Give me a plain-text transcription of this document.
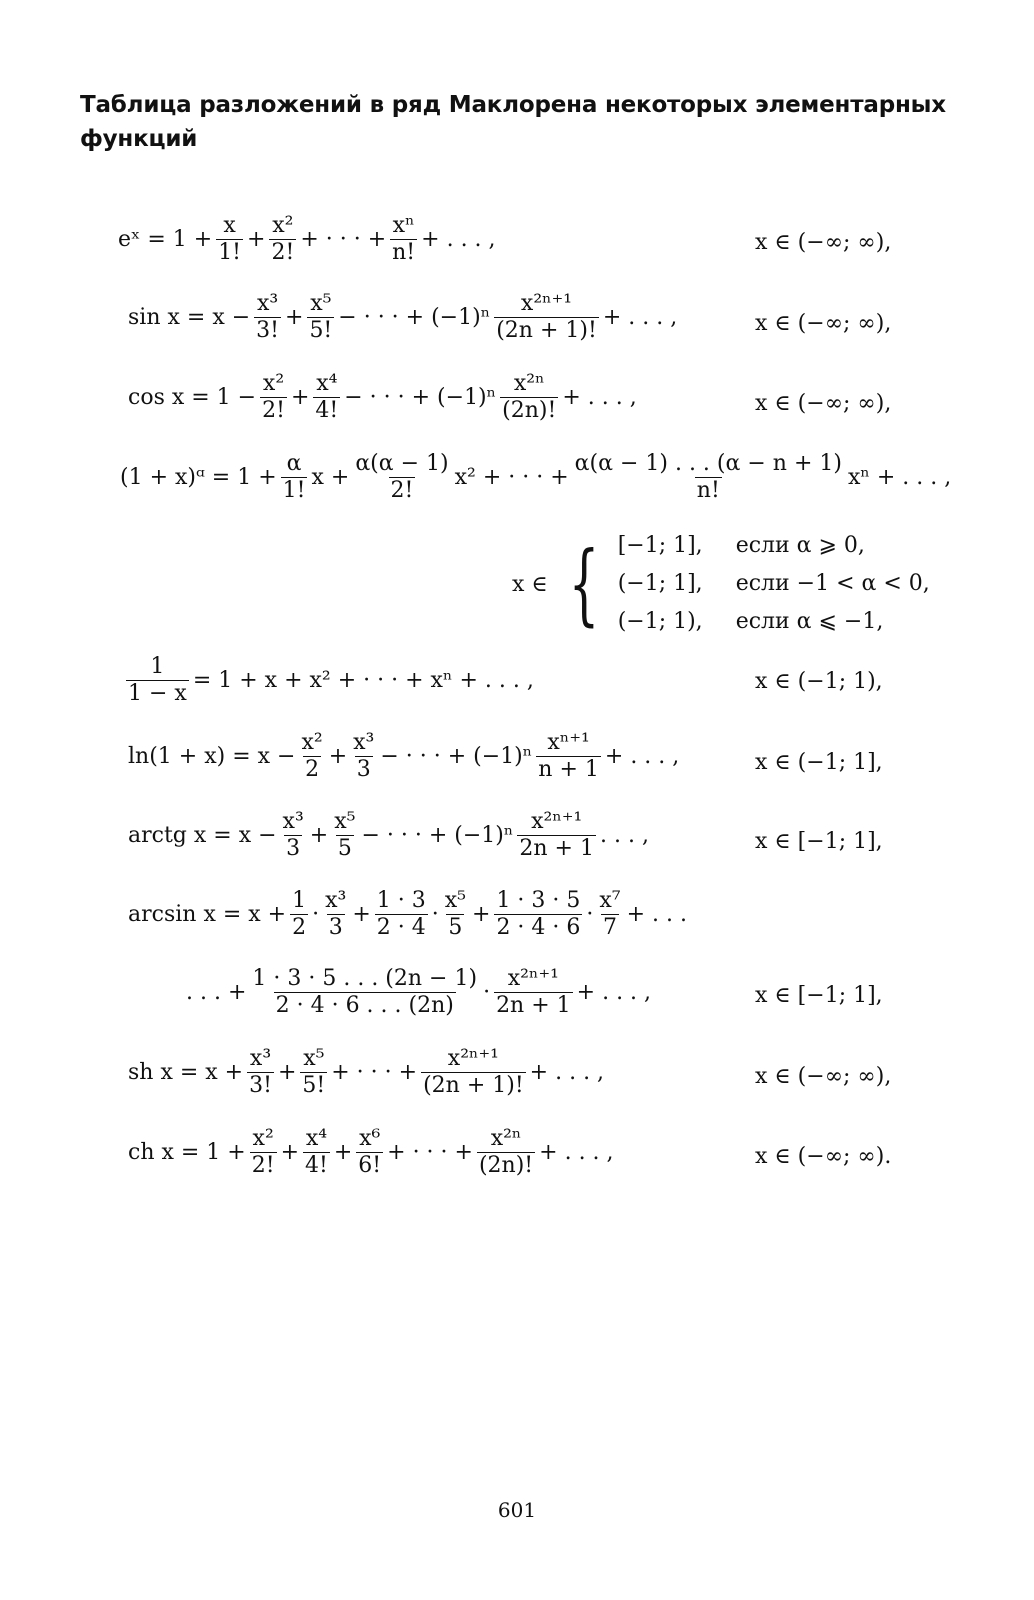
Таблица разложений в ряд Маклорена некоторых элементарных функций
eˣ = $1 + \frac{x}{1!} + \frac{\text{x²}}{2!}$ + · · · + $\frac{\text{xⁿ}}{n!}$ + . . . ,	x ∈ (−∞; ∞),
$\sin x = x - \frac{\text{x³}}{3!} + \frac{\text{x⁵}}{5!}$ − · · · + $(-1)^n \frac{\text{x²ⁿ⁺¹}}{(2n + 1)!}$ + . . . ,	x ∈ (−∞; ∞),
$\cos x = 1 - \frac{\text{x²}}{2!} + \frac{\text{x⁴}}{4!}$ − · · · + $(-1)^n \frac{\text{x²ⁿ}}{(2n)!}$ + . . . ,	x ∈ (−∞; ∞),
(1 + x)ᵅ = $1 + \frac{\alpha}{1!}$ $x + \frac{\alpha(\alpha - 1)}{2!} x^2$ + · · · + $\frac{\alpha(\alpha - 1) . . . (\alpha - n + 1)}{n!}$ xⁿ + . . . ,
x ∈ { [−1; 1],	если α ⩾ 0,
(−1; 1],	если −1 < α < 0,
(−1; 1),	если α ⩽ −1,
$\frac{1}{1 - x} = 1 + x + x^2$ + · · · + xⁿ + . . . ,	x ∈ (−1; 1),
$\ln(1 + x) = x - \frac{\text{x²}}{2} + \frac{\text{x³}}{3}$ − · · · + $(-1)^n \frac{\text{xⁿ⁺¹}}{n + 1}$ + . . . ,	x ∈ (−1; 1],
arctg $x = x - \frac{\text{x³}}{3} + \frac{\text{x⁵}}{5}$ − · · · + $(-1)^n \frac{\text{x²ⁿ⁺¹}}{2n + 1}$ . . . ,	x ∈ [−1; 1],
$\arcsin x = x + \frac{1}{2} \cdot \frac{\text{x³}}{3} + \frac{1 \cdot 3}{2 \cdot 4} \cdot \frac{\text{x⁵}}{5} + \frac{1 \cdot 3 \cdot 5}{2 \cdot 4 \cdot 6} \cdot \frac{\text{x⁷}}{7}$ + . . .
. . . + $\frac{1 \cdot 3 \cdot 5 . . . (2n - 1)}{2 \cdot 4 \cdot 6 . . . (2n)} \cdot \frac{\text{x²ⁿ⁺¹}}{2n + 1}$ + . . . ,	x ∈ [−1; 1],
sh $x = x + \frac{\text{x³}}{3!} + \frac{\text{x⁵}}{5!}$ + · · · + $\frac{\text{x²ⁿ⁺¹}}{(2n + 1)!}$ + . . . ,	x ∈ (−∞; ∞),
ch $x = 1 + \frac{\text{x²}}{2!} + \frac{\text{x⁴}}{4!} + \frac{\text{x⁶}}{6!}$ + · · · + $\frac{\text{x²ⁿ}}{(2n)!}$ + . . . ,	x ∈ (−∞; ∞).
601
